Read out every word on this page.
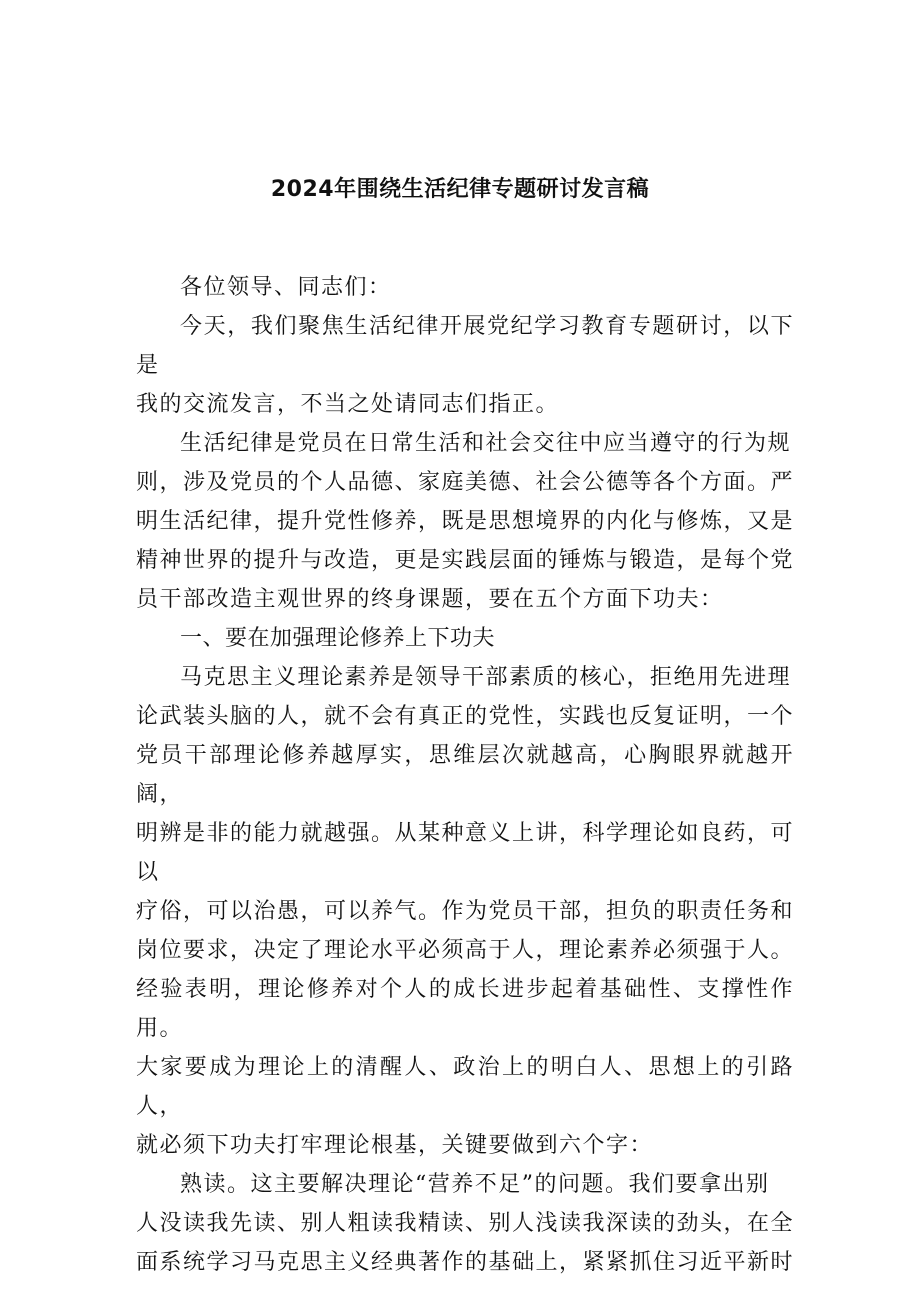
2024年围绕生活纪律专题研讨发言稿

各位领导、同志们：

今天，我们聚焦生活纪律开展党纪学习教育专题研讨，以下是
我的交流发言，不当之处请同志们指正。

生活纪律是党员在日常生活和社会交往中应当遵守的行为规
则，涉及党员的个人品德、家庭美德、社会公德等各个方面。严
明生活纪律，提升党性修养，既是思想境界的内化与修炼，又是
精神世界的提升与改造，更是实践层面的锤炼与锻造，是每个党
员干部改造主观世界的终身课题，要在五个方面下功夫：

一、要在加强理论修养上下功夫

马克思主义理论素养是领导干部素质的核心，拒绝用先进理
论武装头脑的人，就不会有真正的党性，实践也反复证明，一个
党员干部理论修养越厚实，思维层次就越高，心胸眼界就越开阔，
明辨是非的能力就越强。从某种意义上讲，科学理论如良药，可以
疗俗，可以治愚，可以养气。作为党员干部，担负的职责任务和
岗位要求，决定了理论水平必须高于人，理论素养必须强于人。
经验表明，理论修养对个人的成长进步起着基础性、支撑性作用。
大家要成为理论上的清醒人、政治上的明白人、思想上的引路人，
就必须下功夫打牢理论根基，关键要做到六个字：

熟读。这主要解决理论“营养不足”的问题。我们要拿出别
人没读我先读、别人粗读我精读、别人浅读我深读的劲头，在全
面系统学习马克思主义经典著作的基础上，紧紧抓住习近平新时
